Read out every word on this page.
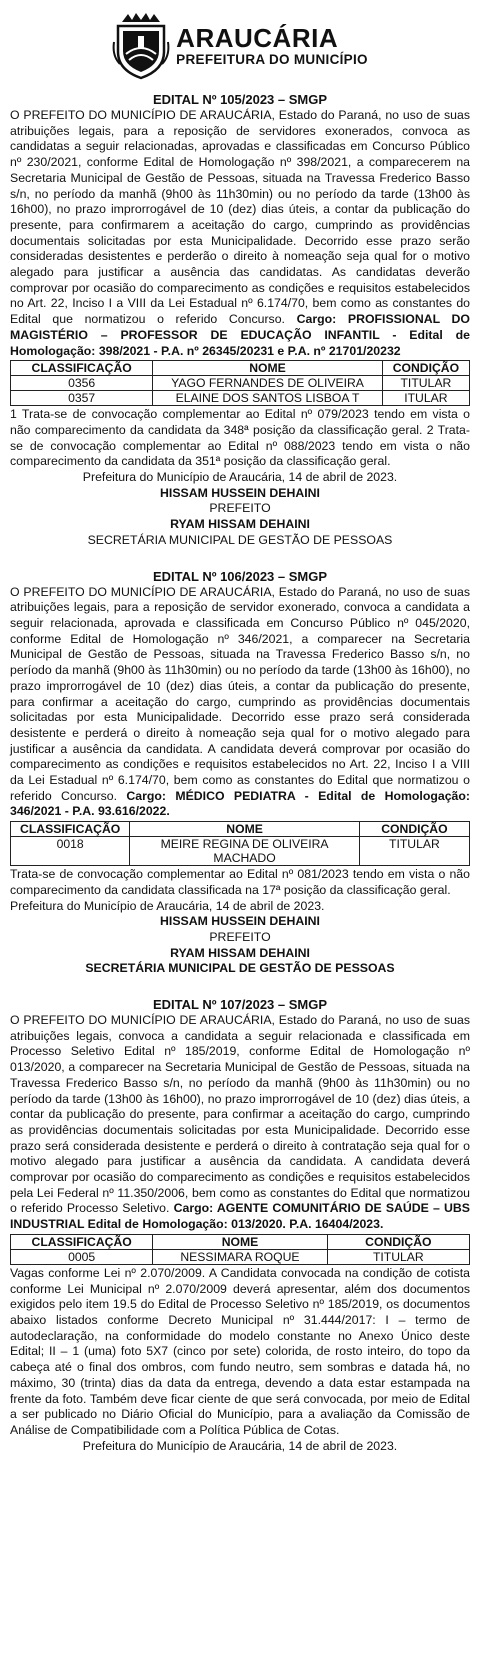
ARAUCÁRIA
PREFEITURA DO MUNICÍPIO

EDITAL Nº 105/2023 – SMGP

O PREFEITO DO MUNICÍPIO DE ARAUCÁRIA, Estado do Paraná, no uso de suas atribuições legais, para a reposição de servidores exonerados, convoca as candidatas a seguir relacionadas, aprovadas e classificadas em Concurso Público nº 230/2021, conforme Edital de Homologação nº 398/2021, a comparecerem na Secretaria Municipal de Gestão de Pessoas, situada na Travessa Frederico Basso s/n, no período da manhã (9h00 às 11h30min) ou no período da tarde (13h00 às 16h00), no prazo improrrogável de 10 (dez) dias úteis, a contar da publicação do presente, para confirmarem a aceitação do cargo, cumprindo as providências documentais solicitadas por esta Municipalidade. Decorrido esse prazo serão consideradas desistentes e perderão o direito à nomeação seja qual for o motivo alegado para justificar a ausência das candidatas. As candidatas deverão comprovar por ocasião do comparecimento as condições e requisitos estabelecidos no Art. 22, Inciso I a VIII da Lei Estadual nº 6.174/70, bem como as constantes do Edital que normatizou o referido Concurso. Cargo: PROFISSIONAL DO MAGISTÉRIO – PROFESSOR DE EDUCAÇÃO INFANTIL - Edital de Homologação: 398/2021 - P.A. nº 26345/20231 e P.A. nº 21701/20232

CLASSIFICAÇÃO	NOME	CONDIÇÃO
0356	YAGO FERNANDES DE OLIVEIRA	TITULAR
0357	ELAINE DOS SANTOS LISBOA T	ITULAR

1 Trata-se de convocação complementar ao Edital nº 079/2023 tendo em vista o não comparecimento da candidata da 348ª posição da classificação geral. 2 Trata-se de convocação complementar ao Edital nº 088/2023 tendo em vista o não comparecimento da candidata da 351ª posição da classificação geral.

Prefeitura do Município de Araucária, 14 de abril de 2023.

HISSAM HUSSEIN DEHAINI

PREFEITO

RYAM HISSAM DEHAINI

SECRETÁRIA MUNICIPAL DE GESTÃO DE PESSOAS

EDITAL Nº 106/2023 – SMGP

O PREFEITO DO MUNICÍPIO DE ARAUCÁRIA, Estado do Paraná, no uso de suas atribuições legais, para a reposição de servidor exonerado, convoca a candidata a seguir relacionada, aprovada e classificada em Concurso Público nº 045/2020, conforme Edital de Homologação nº 346/2021, a comparecer na Secretaria Municipal de Gestão de Pessoas, situada na Travessa Frederico Basso s/n, no período da manhã (9h00 às 11h30min) ou no período da tarde (13h00 às 16h00), no prazo improrrogável de 10 (dez) dias úteis, a contar da publicação do presente, para confirmar a aceitação do cargo, cumprindo as providências documentais solicitadas por esta Municipalidade. Decorrido esse prazo será considerada desistente e perderá o direito à nomeação seja qual for o motivo alegado para justificar a ausência da candidata. A candidata deverá comprovar por ocasião do comparecimento as condições e requisitos estabelecidos no Art. 22, Inciso I a VIII da Lei Estadual nº 6.174/70, bem como as constantes do Edital que normatizou o referido Concurso. Cargo: MÉDICO PEDIATRA - Edital de Homologação: 346/2021 - P.A. 93.616/2022.

CLASSIFICAÇÃO	NOME	CONDIÇÃO
0018	MEIRE REGINA DE OLIVEIRA MACHADO	TITULAR

Trata-se de convocação complementar ao Edital nº 081/2023 tendo em vista o não comparecimento da candidata classificada na 17ª posição da classificação geral.

Prefeitura do Município de Araucária, 14 de abril de 2023.

HISSAM HUSSEIN DEHAINI

PREFEITO

RYAM HISSAM DEHAINI

SECRETÁRIA MUNICIPAL DE GESTÃO DE PESSOAS

EDITAL Nº 107/2023 – SMGP

O PREFEITO DO MUNICÍPIO DE ARAUCÁRIA, Estado do Paraná, no uso de suas atribuições legais, convoca a candidata a seguir relacionada e classificada em Processo Seletivo Edital nº 185/2019, conforme Edital de Homologação nº 013/2020, a comparecer na Secretaria Municipal de Gestão de Pessoas, situada na Travessa Frederico Basso s/n, no período da manhã (9h00 às 11h30min) ou no período da tarde (13h00 às 16h00), no prazo improrrogável de 10 (dez) dias úteis, a contar da publicação do presente, para confirmar a aceitação do cargo, cumprindo as providências documentais solicitadas por esta Municipalidade. Decorrido esse prazo será considerada desistente e perderá o direito à contratação seja qual for o motivo alegado para justificar a ausência da candidata. A candidata deverá comprovar por ocasião do comparecimento as condições e requisitos estabelecidos pela Lei Federal nº 11.350/2006, bem como as constantes do Edital que normatizou o referido Processo Seletivo. Cargo: AGENTE COMUNITÁRIO DE SAÚDE – UBS INDUSTRIAL Edital de Homologação: 013/2020. P.A. 16404/2023.

CLASSIFICAÇÃO	NOME	CONDIÇÃO
0005	NESSIMARA ROQUE	TITULAR

Vagas conforme Lei nº 2.070/2009. A Candidata convocada na condição de cotista conforme Lei Municipal nº 2.070/2009 deverá apresentar, além dos documentos exigidos pelo item 19.5 do Edital de Processo Seletivo nº 185/2019, os documentos abaixo listados conforme Decreto Municipal nº 31.444/2017: I – termo de autodeclaração, na conformidade do modelo constante no Anexo Único deste Edital; II – 1 (uma) foto 5X7 (cinco por sete) colorida, de rosto inteiro, do topo da cabeça até o final dos ombros, com fundo neutro, sem sombras e datada há, no máximo, 30 (trinta) dias da data da entrega, devendo a data estar estampada na frente da foto. Também deve ficar ciente de que será convocada, por meio de Edital a ser publicado no Diário Oficial do Município, para a avaliação da Comissão de Análise de Compatibilidade com a Política Pública de Cotas.

Prefeitura do Município de Araucária, 14 de abril de 2023.
